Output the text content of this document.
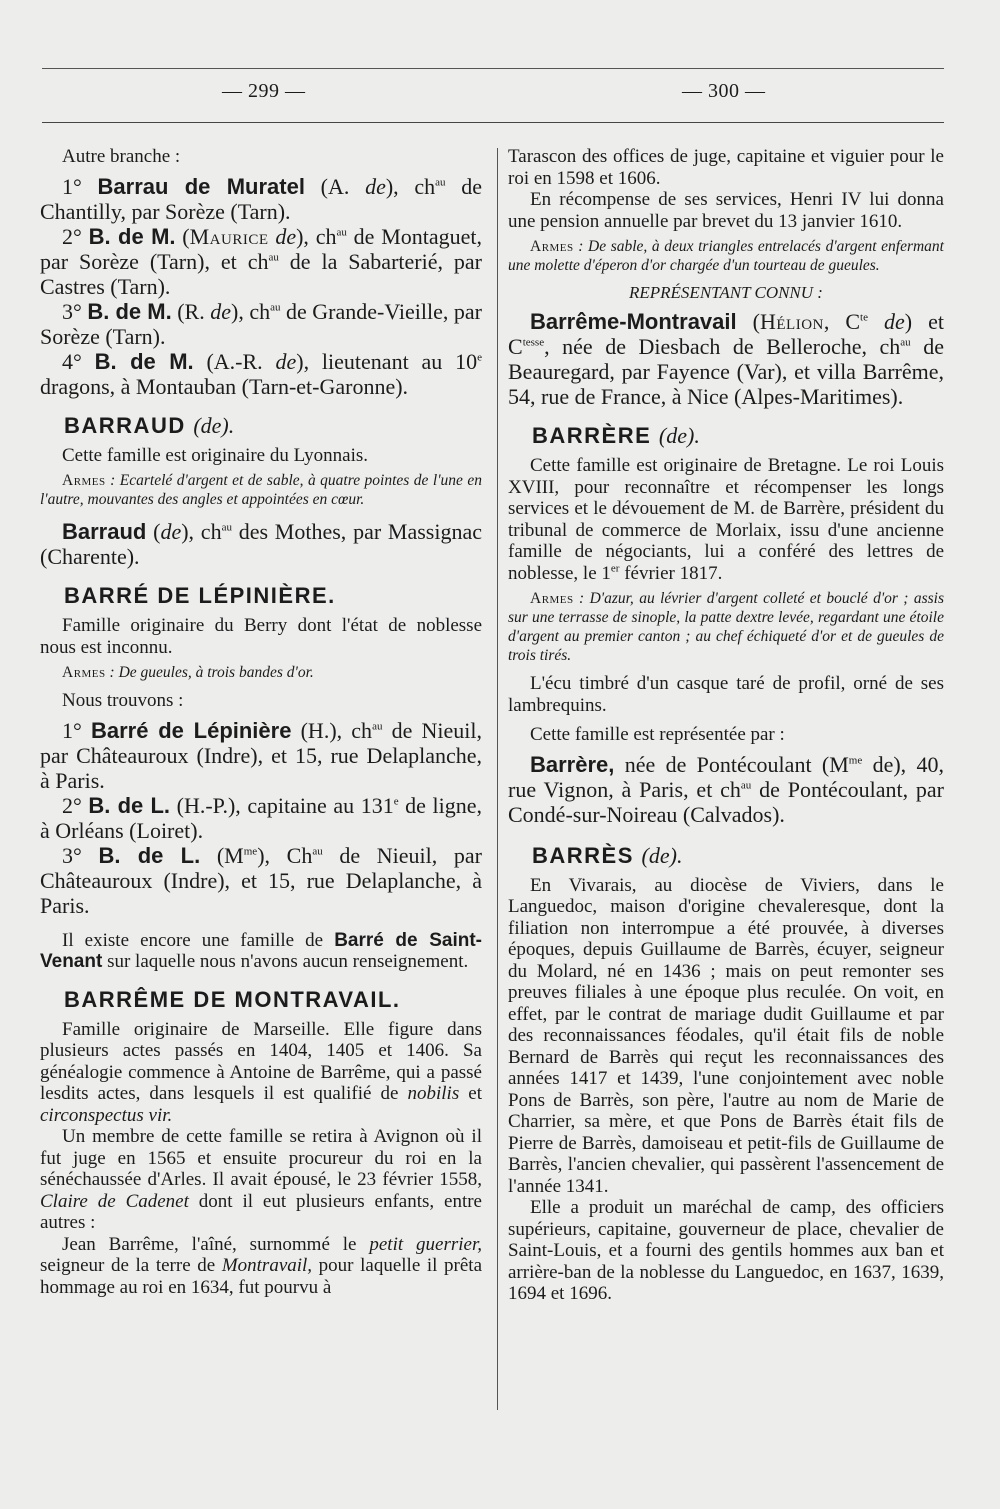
— 299 —	— 300 —

Autre branche :

1° Barrau de Muratel (A. de), $ch^{au}$ de Chantilly, par Sorèze (Tarn).

2° B. de M. (Maurice de), $ch^{au}$ de Montaguet, par Sorèze (Tarn), et $ch^{au}$ de la Sabarterié, par Castres (Tarn).

3° B. de M. (R. de), $ch^{au}$ de Grande-Vieille, par Sorèze (Tarn).

4° B. de M. (A.-R. de), lieutenant au 10e dragons, à Montauban (Tarn-et-Garonne).

BARRAUD (de).

Cette famille est originaire du Lyonnais.

Armes : Ecartelé d'argent et de sable, à quatre pointes de l'une en l'autre, mouvantes des angles et appointées en cœur.

Barraud (de), $ch^{au}$ des Mothes, par Massignac (Charente).

BARRÉ DE LÉPINIÈRE.

Famille originaire du Berry dont l'état de noblesse nous est inconnu.

Armes : De gueules, à trois bandes d'or.

Nous trouvons :

1° Barré de Lépinière (H.), $ch^{au}$ de Nieuil, par Châteauroux (Indre), et 15, rue Delaplanche, à Paris.

2° B. de L. (H.-P.), capitaine au 131e de ligne, à Orléans (Loiret).

3° B. de L. $(M^{me})$, $Ch^{au}$ de Nieuil, par Châteauroux (Indre), et 15, rue Delaplanche, à Paris.

Il existe encore une famille de Barré de Saint-Venant sur laquelle nous n'avons aucun renseignement.

BARRÊME DE MONTRAVAIL.

Famille originaire de Marseille. Elle figure dans plusieurs actes passés en 1404, 1405 et 1406. Sa généalogie commence à Antoine de Barrême, qui a passé lesdits actes, dans lesquels il est qualifié de nobilis et circonspectus vir.

Un membre de cette famille se retira à Avignon où il fut juge en 1565 et ensuite procureur du roi en la sénéchaussée d'Arles. Il avait épousé, le 23 février 1558, Claire de Cadenet dont il eut plusieurs enfants, entre autres :

Jean Barrême, l'aîné, surnommé le petit guerrier, seigneur de la terre de Montravail, pour laquelle il prêta hommage au roi en 1634, fut pourvu à

Tarascon des offices de juge, capitaine et viguier pour le roi en 1598 et 1606.

En récompense de ses services, Henri IV lui donna une pension annuelle par brevet du 13 janvier 1610.

Armes : De sable, à deux triangles entrelacés d'argent enfermant une molette d'éperon d'or chargée d'un tourteau de gueules.

REPRÉSENTANT CONNU :

Barrême-Montravail (Hélion, $C^{te}$ de) et $C^{tesse}$, née de Diesbach de Belleroche, $ch^{au}$ de Beauregard, par Fayence (Var), et villa Barrême, 54, rue de France, à Nice (Alpes-Maritimes).

BARRÈRE (de).

Cette famille est originaire de Bretagne. Le roi Louis XVIII, pour reconnaître et récompenser les longs services et le dévouement de M. de Barrère, président du tribunal de commerce de Morlaix, issu d'une ancienne famille de négociants, lui a conféré des lettres de noblesse, le 1er février 1817.

Armes : D'azur, au lévrier d'argent colleté et bouclé d'or ; assis sur une terrasse de sinople, la patte dextre levée, regardant une étoile d'argent au premier canton ; au chef échiqueté d'or et de gueules de trois tirés.

L'écu timbré d'un casque taré de profil, orné de ses lambrequins.

Cette famille est représentée par :

Barrère, née de Pontécoulant ($M^{me}$ de), 40, rue Vignon, à Paris, et $ch^{au}$ de Pontécoulant, par Condé-sur-Noireau (Calvados).

BARRÈS (de).

En Vivarais, au diocèse de Viviers, dans le Languedoc, maison d'origine chevaleresque, dont la filiation non interrompue a été prouvée, à diverses époques, depuis Guillaume de Barrès, écuyer, seigneur du Molard, né en 1436 ; mais on peut remonter ses preuves filiales à une époque plus reculée. On voit, en effet, par le contrat de mariage dudit Guillaume et par des reconnaissances féodales, qu'il était fils de noble Bernard de Barrès qui reçut les reconnaissances des années 1417 et 1439, l'une conjointement avec noble Pons de Barrès, son père, l'autre au nom de Marie de Charrier, sa mère, et que Pons de Barrès était fils de Pierre de Barrès, damoiseau et petit-fils de Guillaume de Barrès, l'ancien chevalier, qui passèrent l'assencement de l'année 1341.

Elle a produit un maréchal de camp, des officiers supérieurs, capitaine, gouverneur de place, chevalier de Saint-Louis, et a fourni des gentils hommes aux ban et arrière-ban de la noblesse du Languedoc, en 1637, 1639, 1694 et 1696.
